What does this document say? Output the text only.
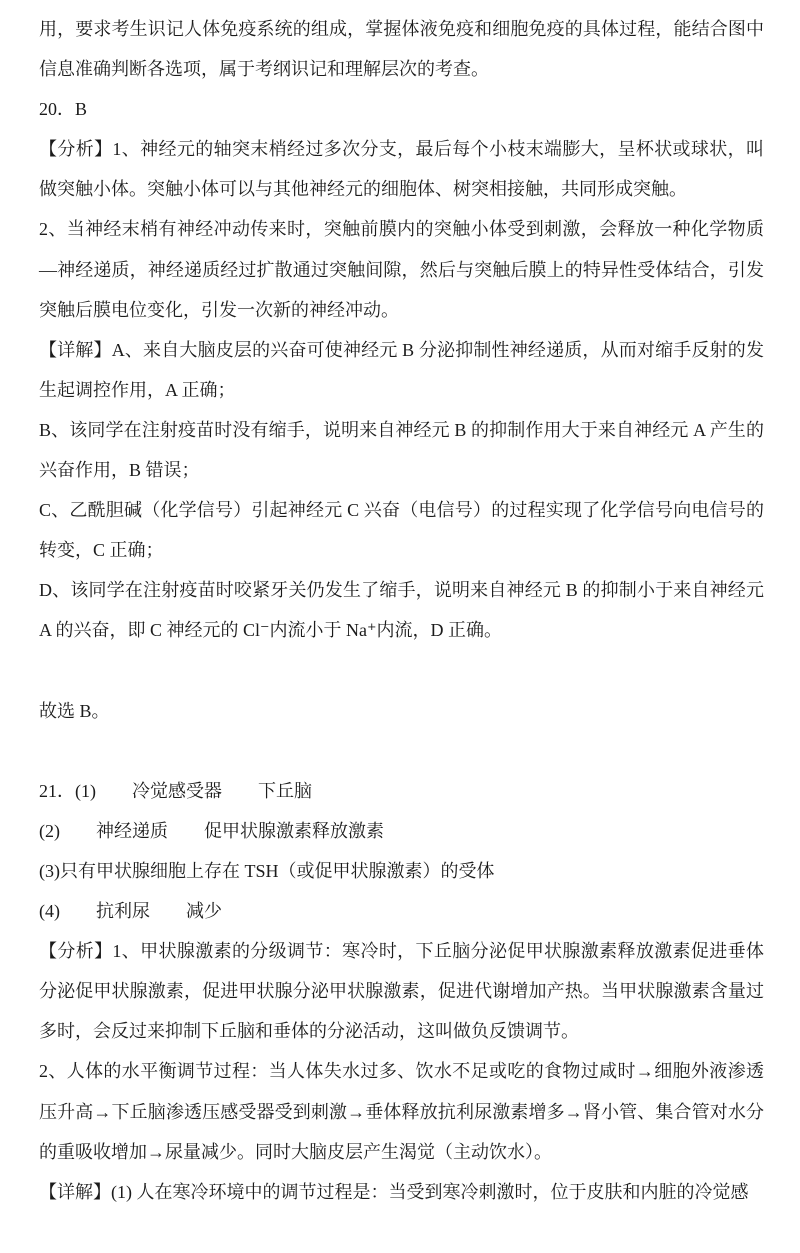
用，要求考生识记人体免疫系统的组成，掌握体液免疫和细胞免疫的具体过程，能结合图中信息准确判断各选项，属于考纲识记和理解层次的考查。

20．B

【分析】1、神经元的轴突末梢经过多次分支，最后每个小枝末端膨大，呈杯状或球状，叫做突触小体。突触小体可以与其他神经元的细胞体、树突相接触，共同形成突触。

2、当神经末梢有神经冲动传来时，突触前膜内的突触小体受到刺激，会释放一种化学物质—神经递质，神经递质经过扩散通过突触间隙，然后与突触后膜上的特异性受体结合，引发突触后膜电位变化，引发一次新的神经冲动。

【详解】A、来自大脑皮层的兴奋可使神经元 B 分泌抑制性神经递质，从而对缩手反射的发生起调控作用，A 正确；

B、该同学在注射疫苗时没有缩手，说明来自神经元 B 的抑制作用大于来自神经元 A 产生的兴奋作用，B 错误；

C、乙酰胆碱（化学信号）引起神经元 C 兴奋（电信号）的过程实现了化学信号向电信号的转变，C 正确；

D、该同学在注射疫苗时咬紧牙关仍发生了缩手，说明来自神经元 B 的抑制小于来自神经元 A 的兴奋，即 C 神经元的 Cl⁻内流小于 Na⁺内流，D 正确。

故选 B。

21．(1)　　冷觉感受器　　下丘脑

(2)　　神经递质　　促甲状腺激素释放激素

(3)只有甲状腺细胞上存在 TSH（或促甲状腺激素）的受体

(4)　　抗利尿　　减少

【分析】1、甲状腺激素的分级调节：寒冷时，下丘脑分泌促甲状腺激素释放激素促进垂体分泌促甲状腺激素，促进甲状腺分泌甲状腺激素，促进代谢增加产热。当甲状腺激素含量过多时，会反过来抑制下丘脑和垂体的分泌活动，这叫做负反馈调节。

2、人体的水平衡调节过程：当人体失水过多、饮水不足或吃的食物过咸时→细胞外液渗透压升高→下丘脑渗透压感受器受到刺激→垂体释放抗利尿激素增多→肾小管、集合管对水分的重吸收增加→尿量减少。同时大脑皮层产生渴觉（主动饮水）。

【详解】(1) 人在寒冷环境中的调节过程是：当受到寒冷刺激时，位于皮肤和内脏的冷觉感
